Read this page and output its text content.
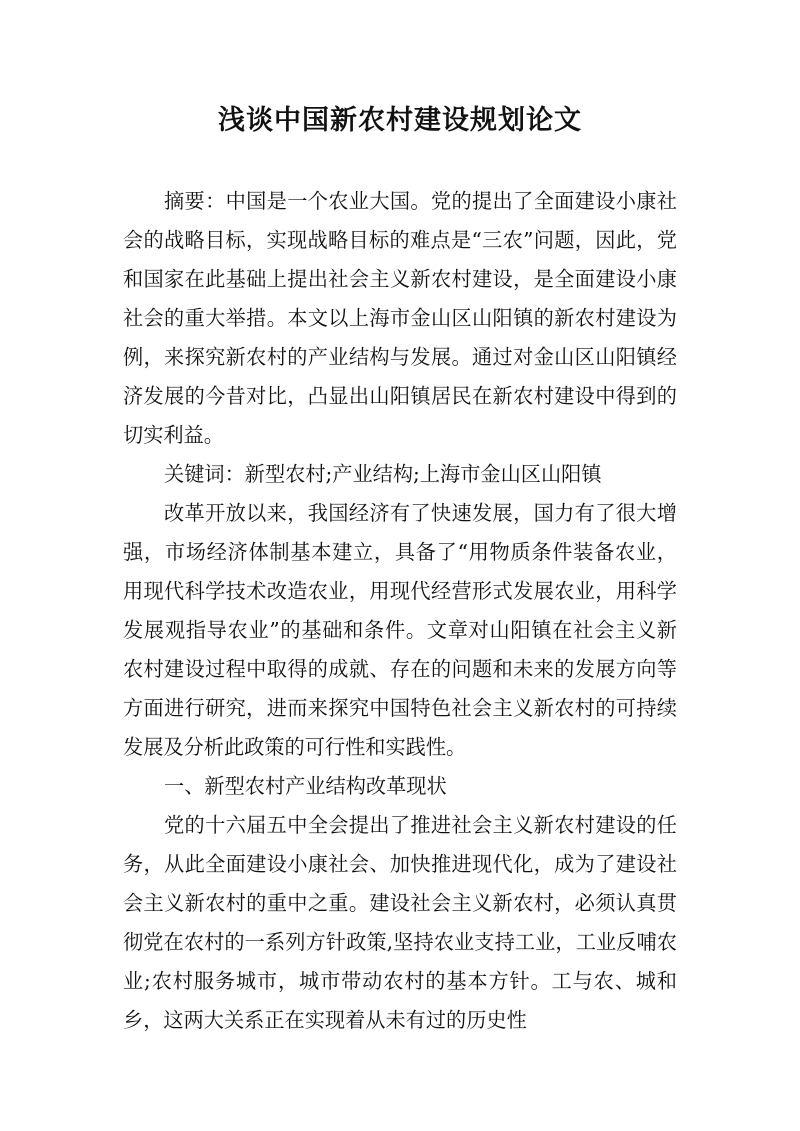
浅谈中国新农村建设规划论文

摘要：中国是一个农业大国。党的提出了全面建设小康社会的战略目标，实现战略目标的难点是“三农”问题，因此，党和国家在此基础上提出社会主义新农村建设，是全面建设小康社会的重大举措。本文以上海市金山区山阳镇的新农村建设为例，来探究新农村的产业结构与发展。通过对金山区山阳镇经济发展的今昔对比，凸显出山阳镇居民在新农村建设中得到的切实利益。

关键词：新型农村;产业结构;上海市金山区山阳镇

改革开放以来，我国经济有了快速发展，国力有了很大增强，市场经济体制基本建立，具备了“用物质条件装备农业，用现代科学技术改造农业，用现代经营形式发展农业，用科学发展观指导农业”的基础和条件。文章对山阳镇在社会主义新农村建设过程中取得的成就、存在的问题和未来的发展方向等方面进行研究，进而来探究中国特色社会主义新农村的可持续发展及分析此政策的可行性和实践性。

一、新型农村产业结构改革现状

党的十六届五中全会提出了推进社会主义新农村建设的任务，从此全面建设小康社会、加快推进现代化，成为了建设社会主义新农村的重中之重。建设社会主义新农村，必须认真贯彻党在农村的一系列方针政策,坚持农业支持工业，工业反哺农业;农村服务城市，城市带动农村的基本方针。工与农、城和乡，这两大关系正在实现着从未有过的历史性
